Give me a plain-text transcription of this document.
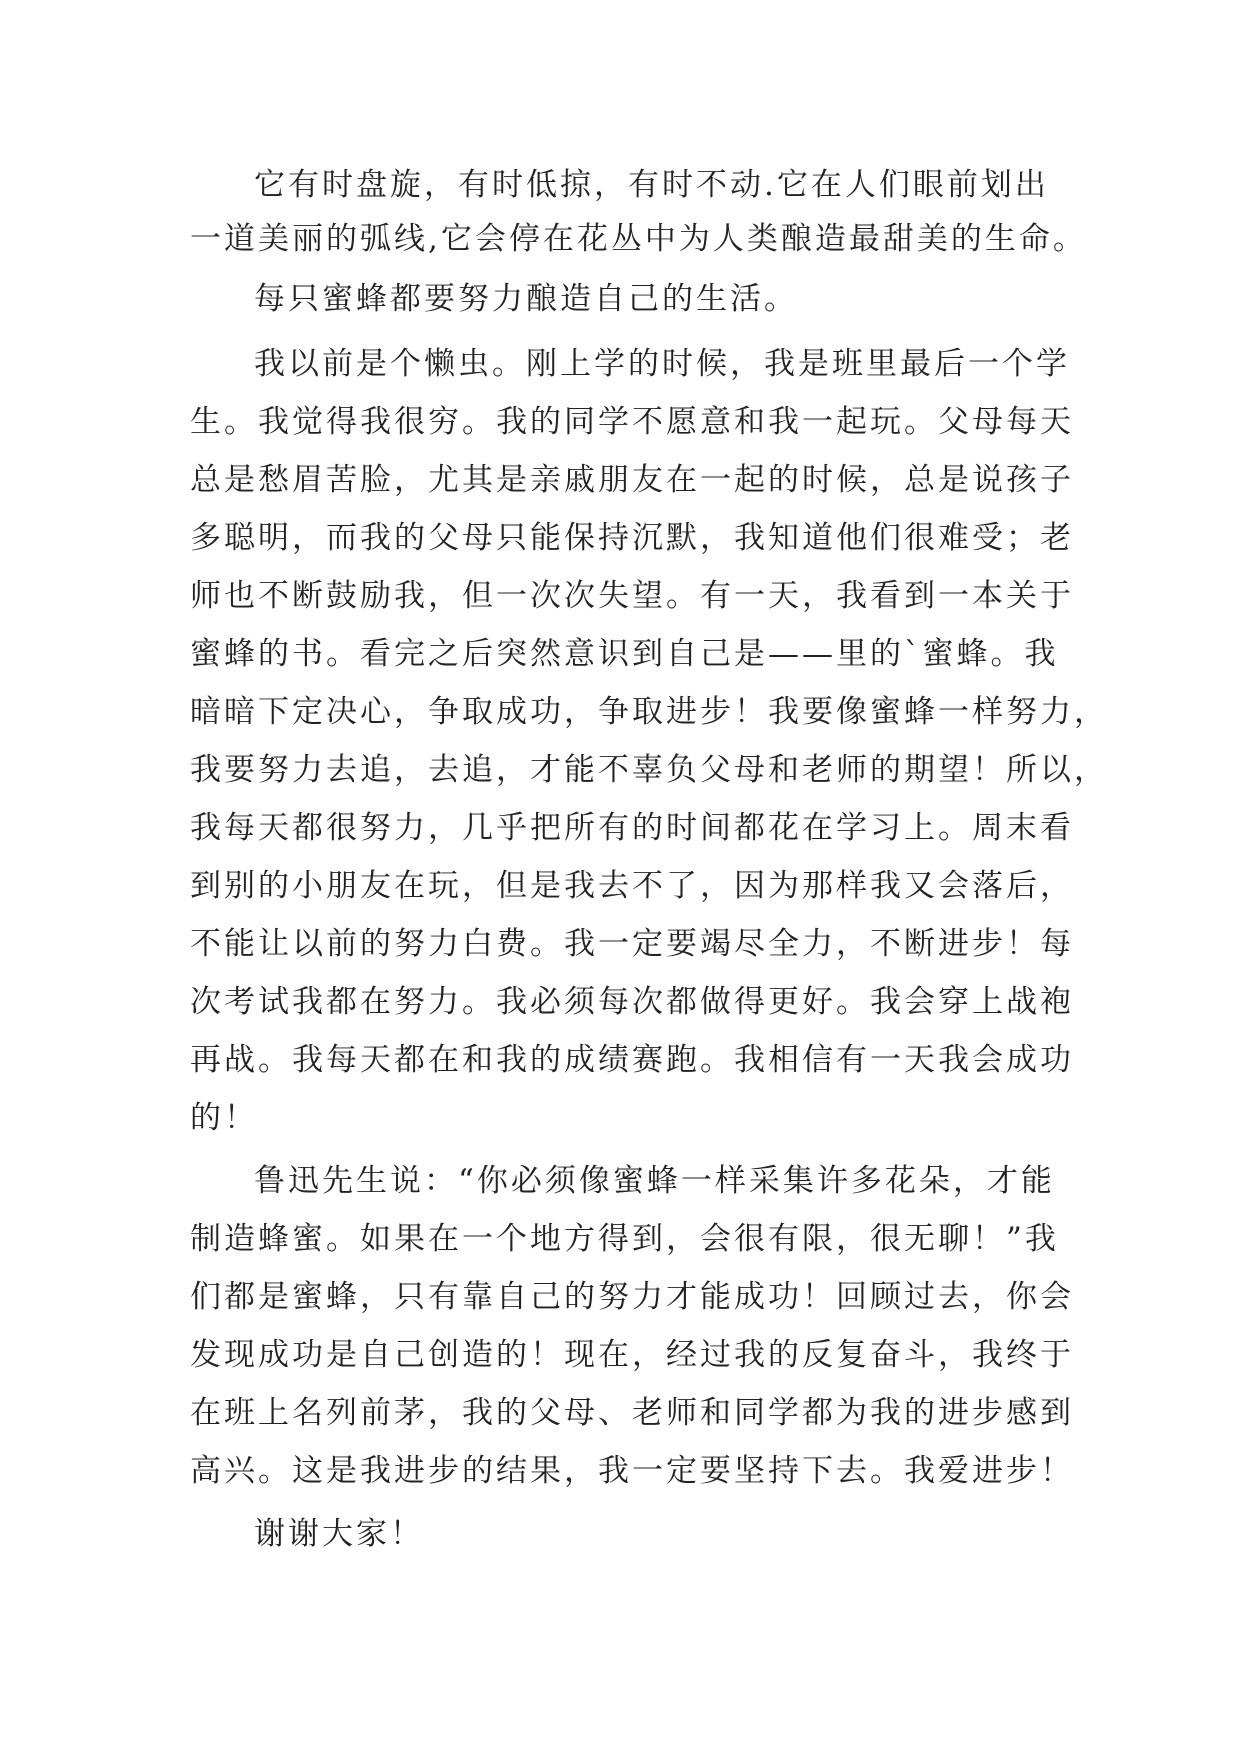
它有时盘旋，有时低掠，有时不动.它在人们眼前划出
一道美丽的弧线,它会停在花丛中为人类酿造最甜美的生命。
每只蜜蜂都要努力酿造自己的生活。
我以前是个懒虫。刚上学的时候，我是班里最后一个学
生。我觉得我很穷。我的同学不愿意和我一起玩。父母每天
总是愁眉苦脸，尤其是亲戚朋友在一起的时候，总是说孩子
多聪明，而我的父母只能保持沉默，我知道他们很难受；老
师也不断鼓励我，但一次次失望。有一天，我看到一本关于
蜜蜂的书。看完之后突然意识到自己是——里的`蜜蜂。我
暗暗下定决心，争取成功，争取进步！我要像蜜蜂一样努力，
我要努力去追，去追，才能不辜负父母和老师的期望！所以，
我每天都很努力，几乎把所有的时间都花在学习上。周末看
到别的小朋友在玩，但是我去不了，因为那样我又会落后，
不能让以前的努力白费。我一定要竭尽全力，不断进步！每
次考试我都在努力。我必须每次都做得更好。我会穿上战袍
再战。我每天都在和我的成绩赛跑。我相信有一天我会成功
的！
鲁迅先生说：“你必须像蜜蜂一样采集许多花朵，才能
制造蜂蜜。如果在一个地方得到，会很有限，很无聊！”我
们都是蜜蜂，只有靠自己的努力才能成功！回顾过去，你会
发现成功是自己创造的！现在，经过我的反复奋斗，我终于
在班上名列前茅，我的父母、老师和同学都为我的进步感到
高兴。这是我进步的结果，我一定要坚持下去。我爱进步！
谢谢大家！
